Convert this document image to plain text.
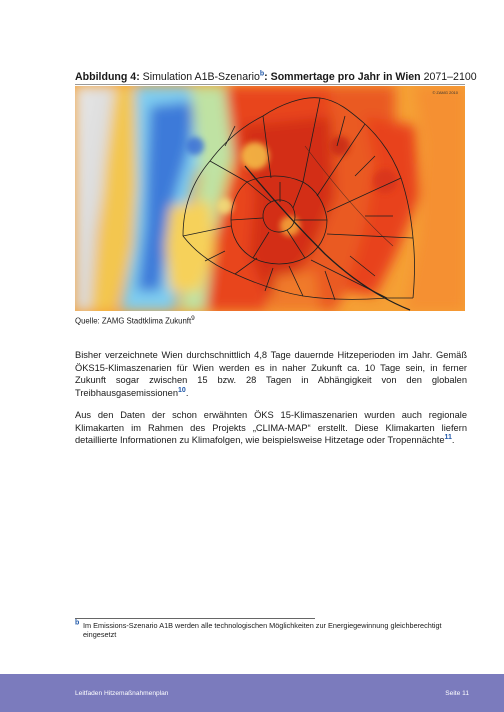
Abbildung 4: Simulation A1B-Szenario$^b$: Sommertage pro Jahr in Wien 2071–2100
© ZAMG 2010
Quelle: ZAMG Stadtklima Zukunft$^9$
Bisher verzeichnete Wien durchschnittlich 4,8 Tage dauernde Hitzeperioden im Jahr. Gemäß ÖKS15-Klimaszenarien für Wien werden es in naher Zukunft ca. 10 Tage sein, in ferner Zukunft sogar zwischen 15 bzw. 28 Tagen in Abhängigkeit von den globalen Treibhausgasemissionen$^{10}$.
Aus den Daten der schon erwähnten ÖKS 15-Klimaszenarien wurden auch regionale Klimakarten im Rahmen des Projekts „CLIMA-MAP“ erstellt. Diese Klimakarten liefern detaillierte Informationen zu Klimafolgen, wie beispielsweise Hitzetage oder Tropennächte$^{11}$.
$^b$ Im Emissions-Szenario A1B werden alle technologischen Möglichkeiten zur Energiegewinnung gleichberechtigt eingesetzt
Leitfaden Hitzemaßnahmenplan	Seite 11
